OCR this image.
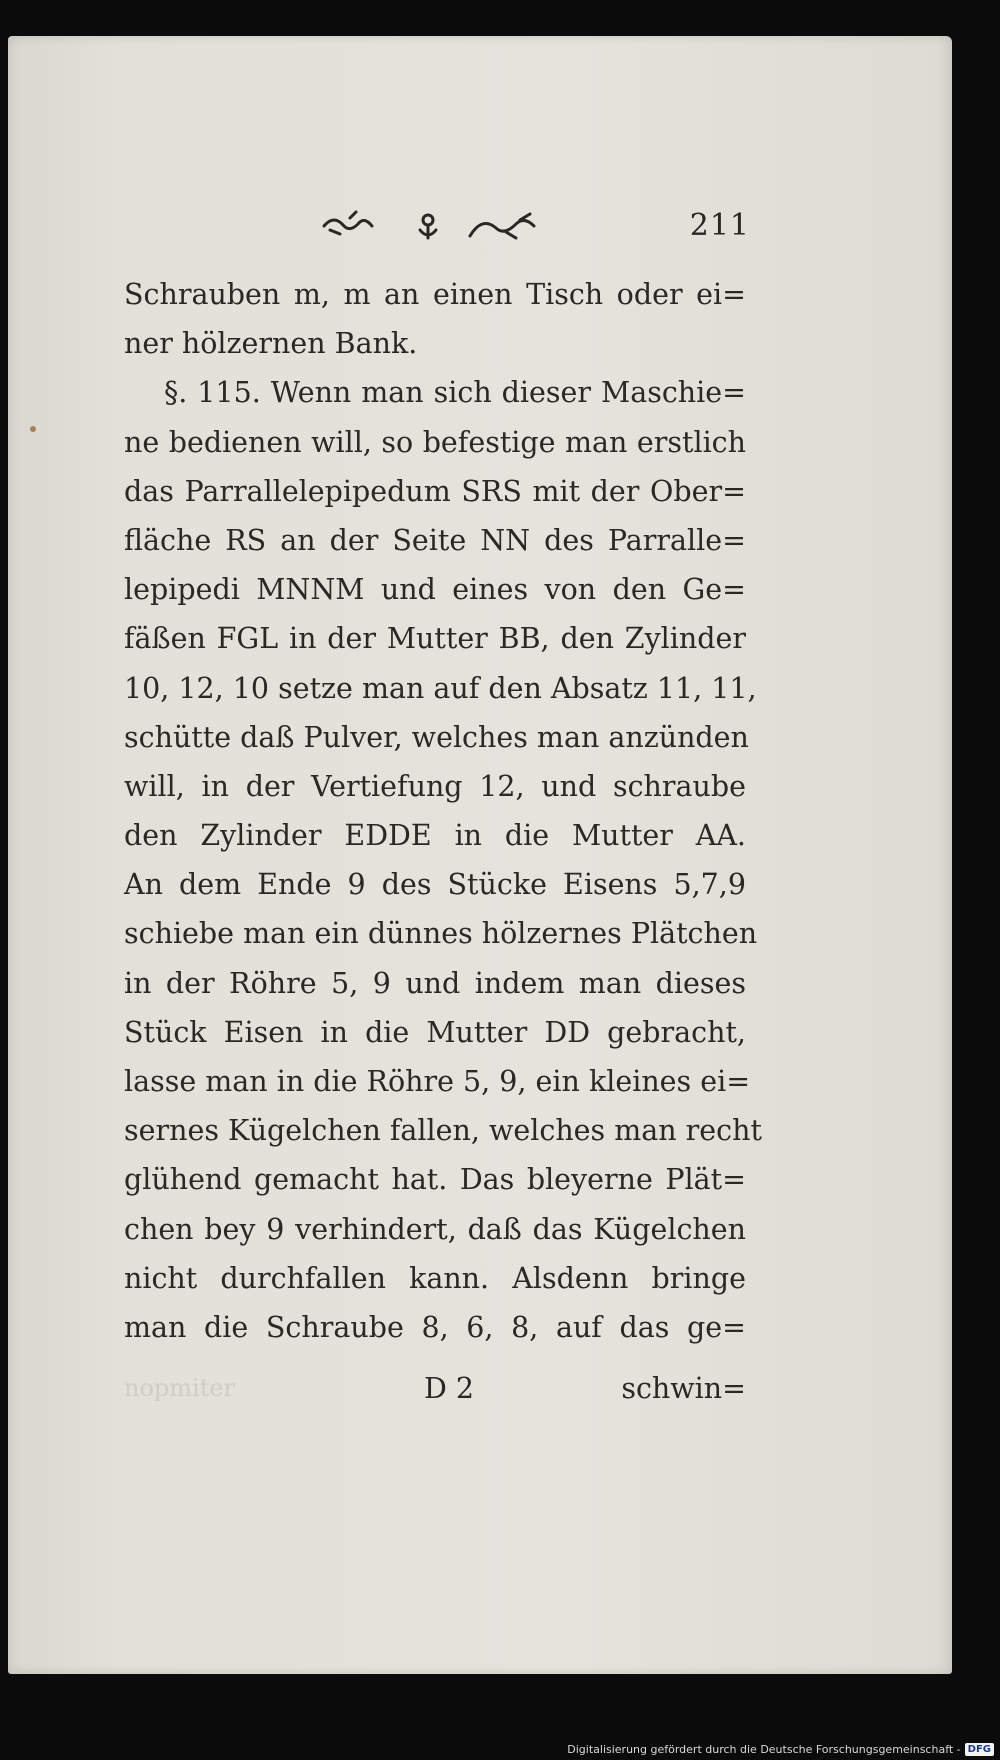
211
Schrauben m, m an einen Tisch oder ei=
ner hölzernen Bank.
§. 115. Wenn man sich dieser Maschie=
ne bedienen will, so befestige man erstlich
das Parrallelepipedum SRS mit der Ober=
fläche RS an der Seite NN des Parralle=
lepipedi MNNM und eines von den Ge=
fäßen FGL in der Mutter BB, den Zylinder
10, 12, 10 setze man auf den Absatz 11, 11,
schütte daß Pulver, welches man anzünden
will, in der Vertiefung 12, und schraube
den Zylinder EDDE in die Mutter AA.
An dem Ende 9 des Stücke Eisens 5,7,9
schiebe man ein dünnes hölzernes Plätchen
in der Röhre 5, 9 und indem man dieses
Stück Eisen in die Mutter DD gebracht,
lasse man in die Röhre 5, 9, ein kleines ei=
sernes Kügelchen fallen, welches man recht
glühend gemacht hat. Das bleyerne Plät=
chen bey 9 verhindert, daß das Kügelchen
nicht durchfallen kann. Alsdenn bringe
man die Schraube 8, 6, 8, auf das ge=
nopmiter	D 2	schwin=
Digitalisierung gefördert durch die Deutsche Forschungsgemeinschaft - DFG
